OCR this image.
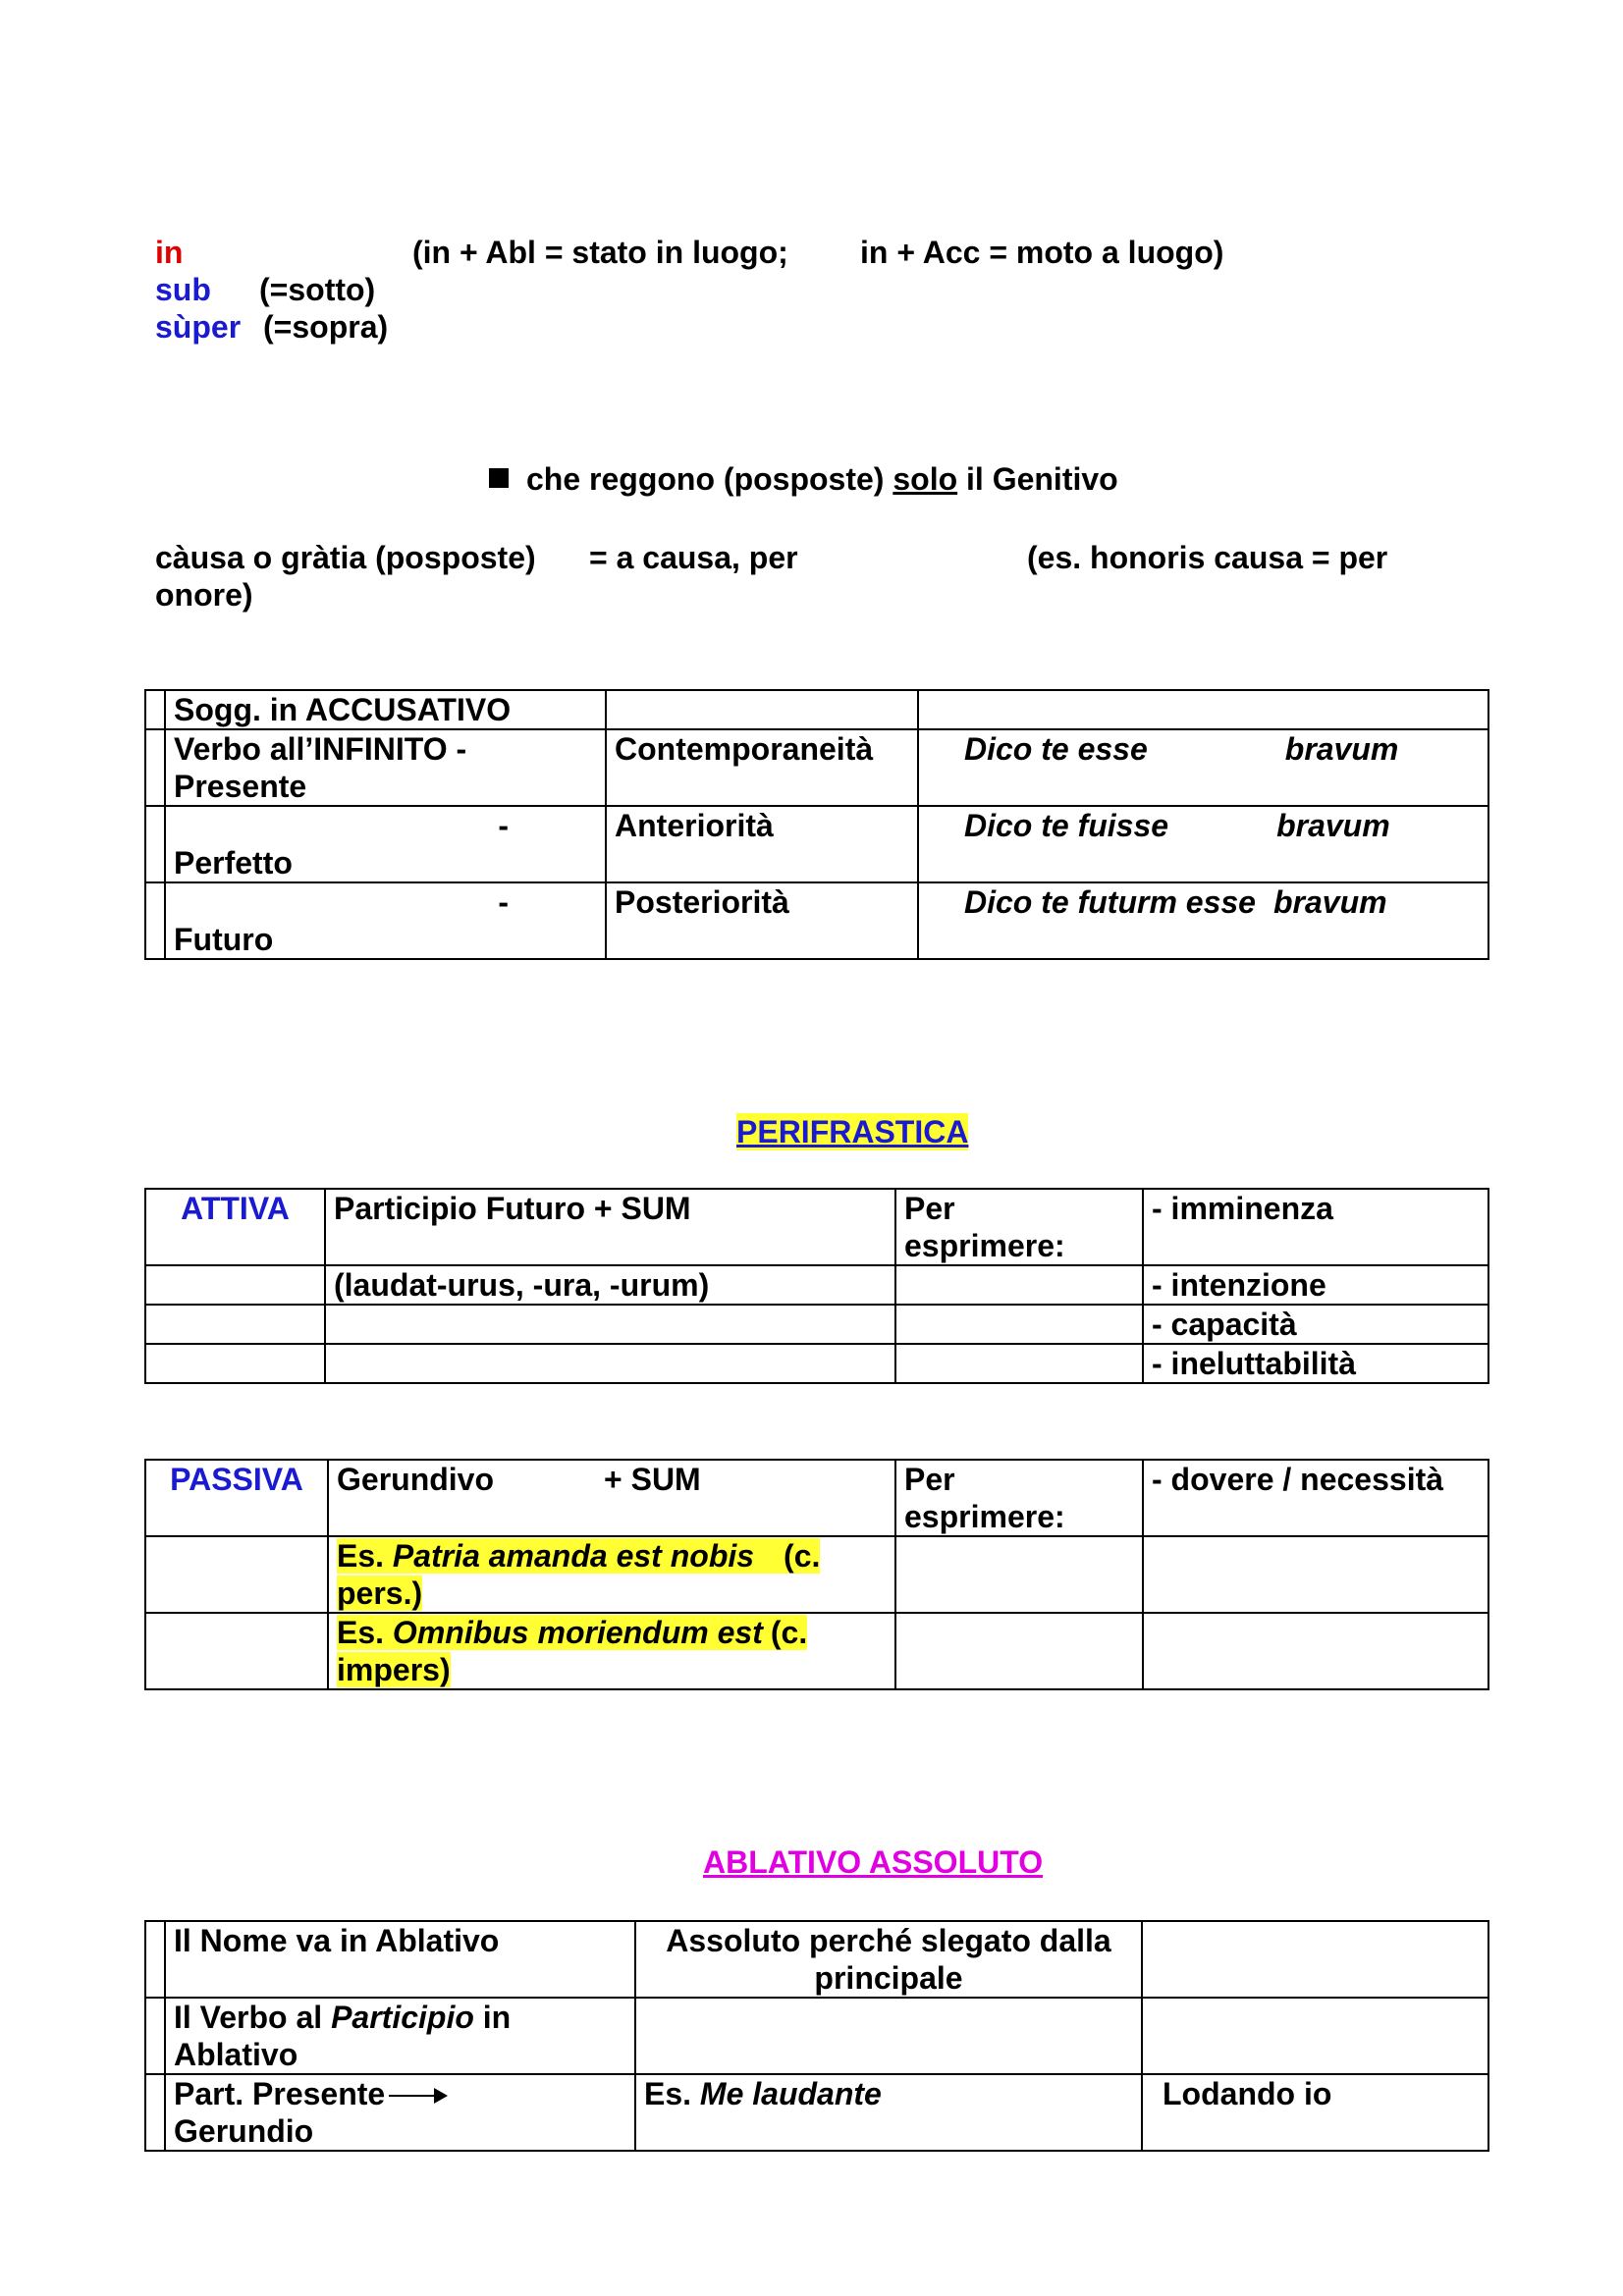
in	(in + Abl = stato in luogo; in + Acc = moto a luogo)
sub (=sotto)
sùper (=sopra)
che reggono (posposte) solo il Genitivo
càusa o gràtia (posposte) = a causa, per	(es. honoris causa = per
onore)
	Sogg. in ACCUSATIVO		

	Verbo all’INFINITO -
Presente	Contemporaneità	Dico te esse bravum

	-
Perfetto	Anteriorità	Dico te fuisse bravum

	-
Futuro	Posteriorità	Dico te futurm esse bravum
PERIFRASTICA
ATTIVA	Participio Futuro + SUM	Per
esprimere:	- imminenza
	(laudat-urus, -ura, -urum)		- intenzione
			- capacità
			- ineluttabilità
PASSIVA	Gerundivo + SUM	Per
esprimere:	- dovere / necessità
	Es. Patria amanda est nobis (c.
pers.)		
	Es. Omnibus moriendum est (c.
impers)		
ABLATIVO ASSOLUTO
	Il Nome va in Ablativo	Assoluto perché slegato dalla
principale	

	Il Verbo al Participio in
Ablativo		

	Part. Presente
Gerundio	Es. Me laudante	Lodando io
